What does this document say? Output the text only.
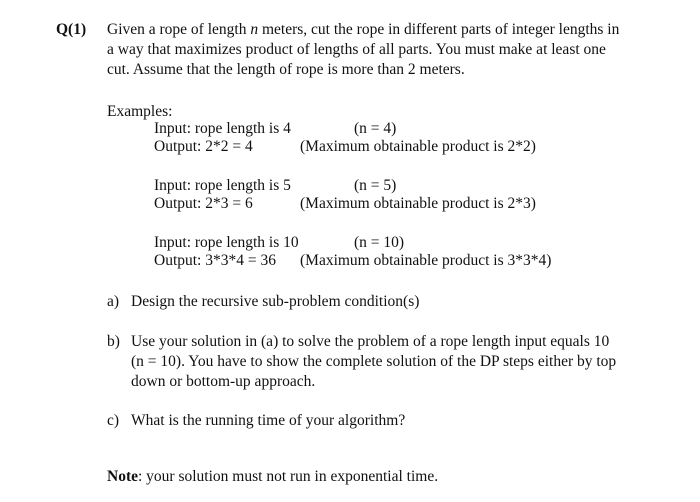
Q(1) Given a rope of length n meters, cut the rope in different parts of integer lengths in
a way that maximizes product of lengths of all parts. You must make at least one
cut. Assume that the length of rope is more than 2 meters.
Examples:
Input: rope length is 4	(n = 4)
Output: 2*2 = 4	(Maximum obtainable product is 2*2)
Input: rope length is 5	(n = 5)
Output: 2*3 = 6	(Maximum obtainable product is 2*3)
Input: rope length is 10	(n = 10)
Output: 3*3*4 = 36 (Maximum obtainable product is 3*3*4)
a) Design the recursive sub-problem condition(s)
b) Use your solution in (a) to solve the problem of a rope length input equals 10
(n = 10). You have to show the complete solution of the DP steps either by top
down or bottom-up approach.
c) What is the running time of your algorithm?
Note: your solution must not run in exponential time.
